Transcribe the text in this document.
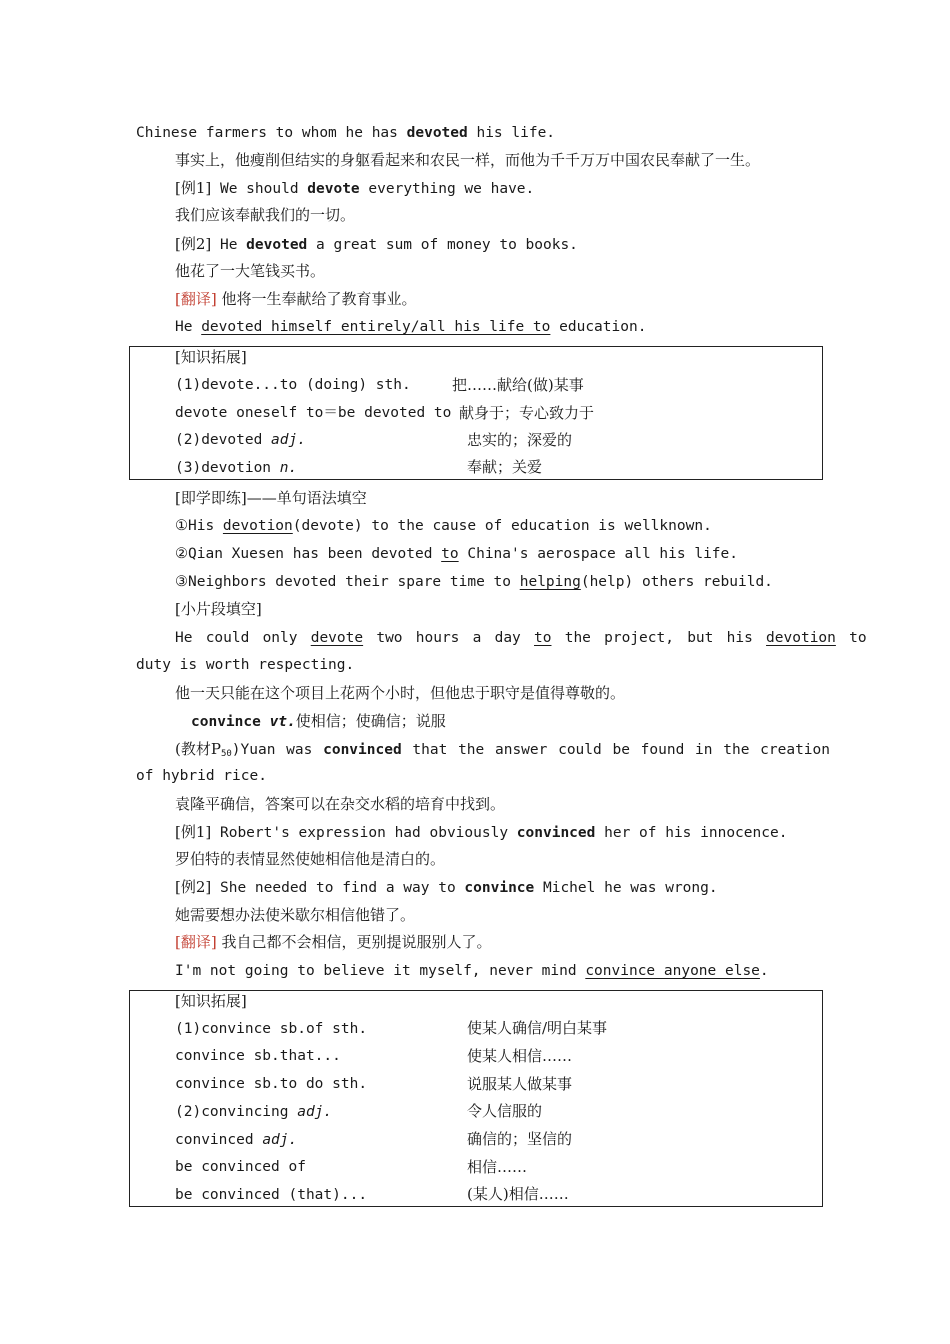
Chinese farmers to whom he has devoted his life.
事实上，他瘦削但结实的身躯看起来和农民一样，而他为千千万万中国农民奉献了一生。
[例1] We should devote everything we have.
我们应该奉献我们的一切。
[例2] He devoted a great sum of money to books.
他花了一大笔钱买书。
[翻译] 他将一生奉献给了教育事业。
He devoted himself entirely/all his life to education.
[知识拓展]
(1)devote...to (doing) sth.	把……献给(做)某事
devote oneself to＝be devoted to 献身于；专心致力于
(2)devoted adj.	忠实的；深爱的
(3)devotion n.	奉献；关爱
[即学即练]——单句语法填空
①His devotion(devote) to the cause of education is wellknown.
②Qian Xuesen has been devoted to China's aerospace all his life.
③Neighbors devoted their spare time to helping(help) others rebuild.
[小片段填空]
He could only devote two hours a day to the project, but his devotion to
duty is worth respecting.
他一天只能在这个项目上花两个小时，但他忠于职守是值得尊敬的。
convince vt.使相信；使确信；说服
(教材$P_{50})Yuan$ was convinced that the answer could be found in the creation
of hybrid rice.
袁隆平确信，答案可以在杂交水稻的培育中找到。
[例1] Robert's expression had obviously convinced her of his innocence.
罗伯特的表情显然使她相信他是清白的。
[例2] She needed to find a way to convince Michel he was wrong.
她需要想办法使米歇尔相信他错了。
[翻译] 我自己都不会相信，更别提说服别人了。
I'm not going to believe it myself, never mind convince anyone else.
[知识拓展]
(1)convince sb.of sth.	使某人确信/明白某事
convince sb.that...	使某人相信……
convince sb.to do sth.	说服某人做某事
(2)convincing adj.	令人信服的
convinced adj.	确信的；坚信的
be convinced of	相信……
be convinced (that)...	(某人)相信……
